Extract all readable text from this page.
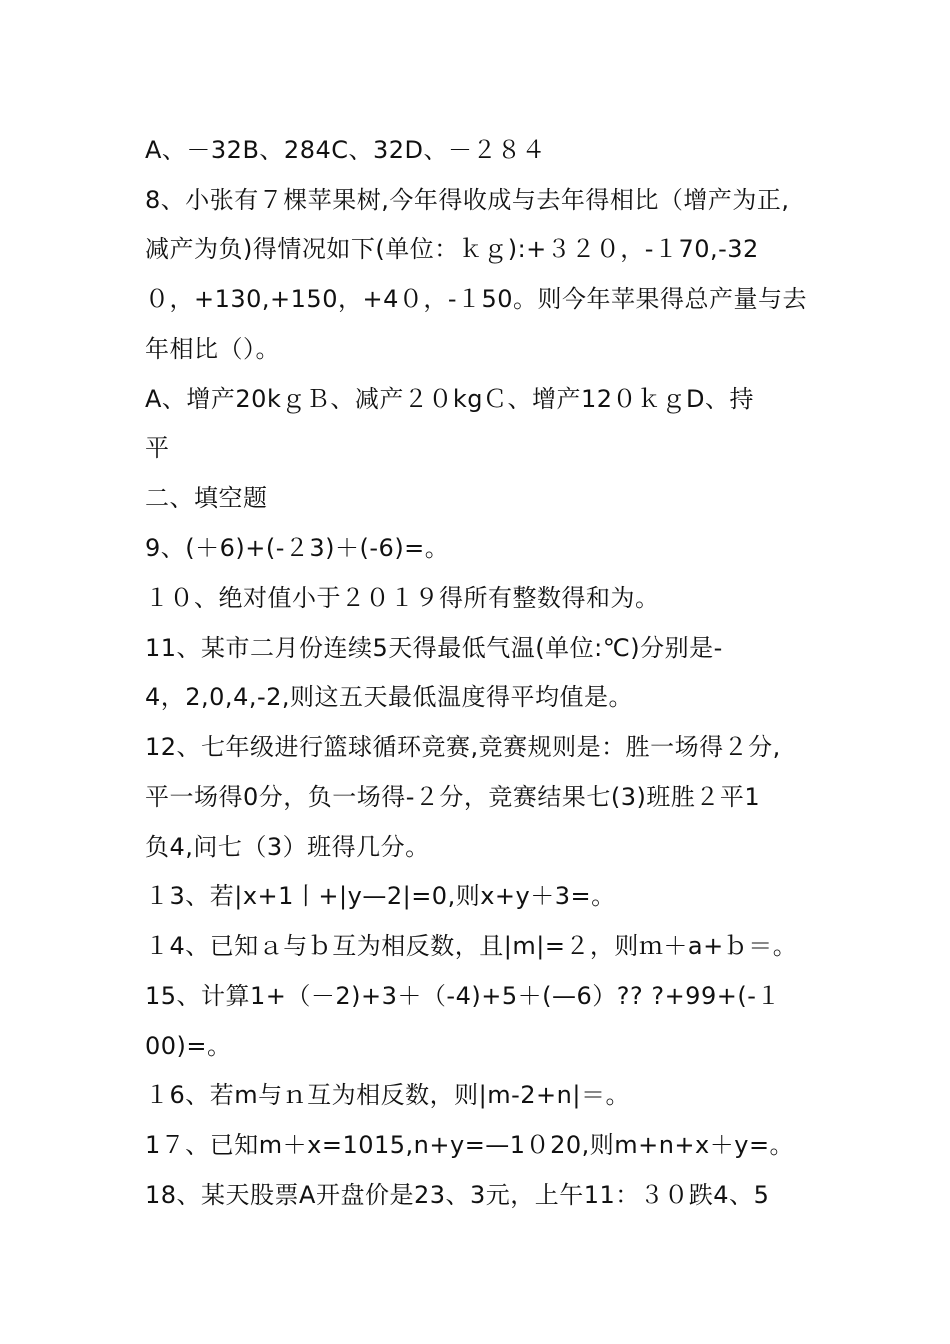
A、－32B、284C、32D、－２８４
8、小张有７棵苹果树,今年得收成与去年得相比（增产为正,
减产为负)得情况如下(单位：ｋｇ):+３２０，-１70,-32
０，+130,+150，+4０，-１50。则今年苹果得总产量与去
年相比（）。
A、增产20kｇＢ、减产２０kgＣ、增产12０ｋｇD、持
平
二、填空题
9、(＋6)+(-２3)＋(-6)=。
１０、绝对值小于２０１９得所有整数得和为。
11、某市二月份连续5天得最低气温(单位:℃)分别是-
4，2,0,4,-2,则这五天最低温度得平均值是。
12、七年级进行篮球循环竞赛,竞赛规则是：胜一场得２分,
平一场得0分，负一场得-２分，竞赛结果七(3)班胜２平1
负4,问七（3）班得几分。
１3、若|x+1丨+|y—2|=0,则x+y＋3=。
１4、已知ａ与ｂ互为相反数，且|m|=２，则ｍ＋a+ｂ＝。
15、计算1+（－2)+3＋（-4)+5＋(—6）?? ?+99+(-１
00)=。
１6、若m与ｎ互为相反数，则|m-2+n|＝。
1７、已知m＋x=1015,n+y=—1０20,则m+n+x＋y=。
18、某天股票A开盘价是23、3元，上午11：３０跌4、5
